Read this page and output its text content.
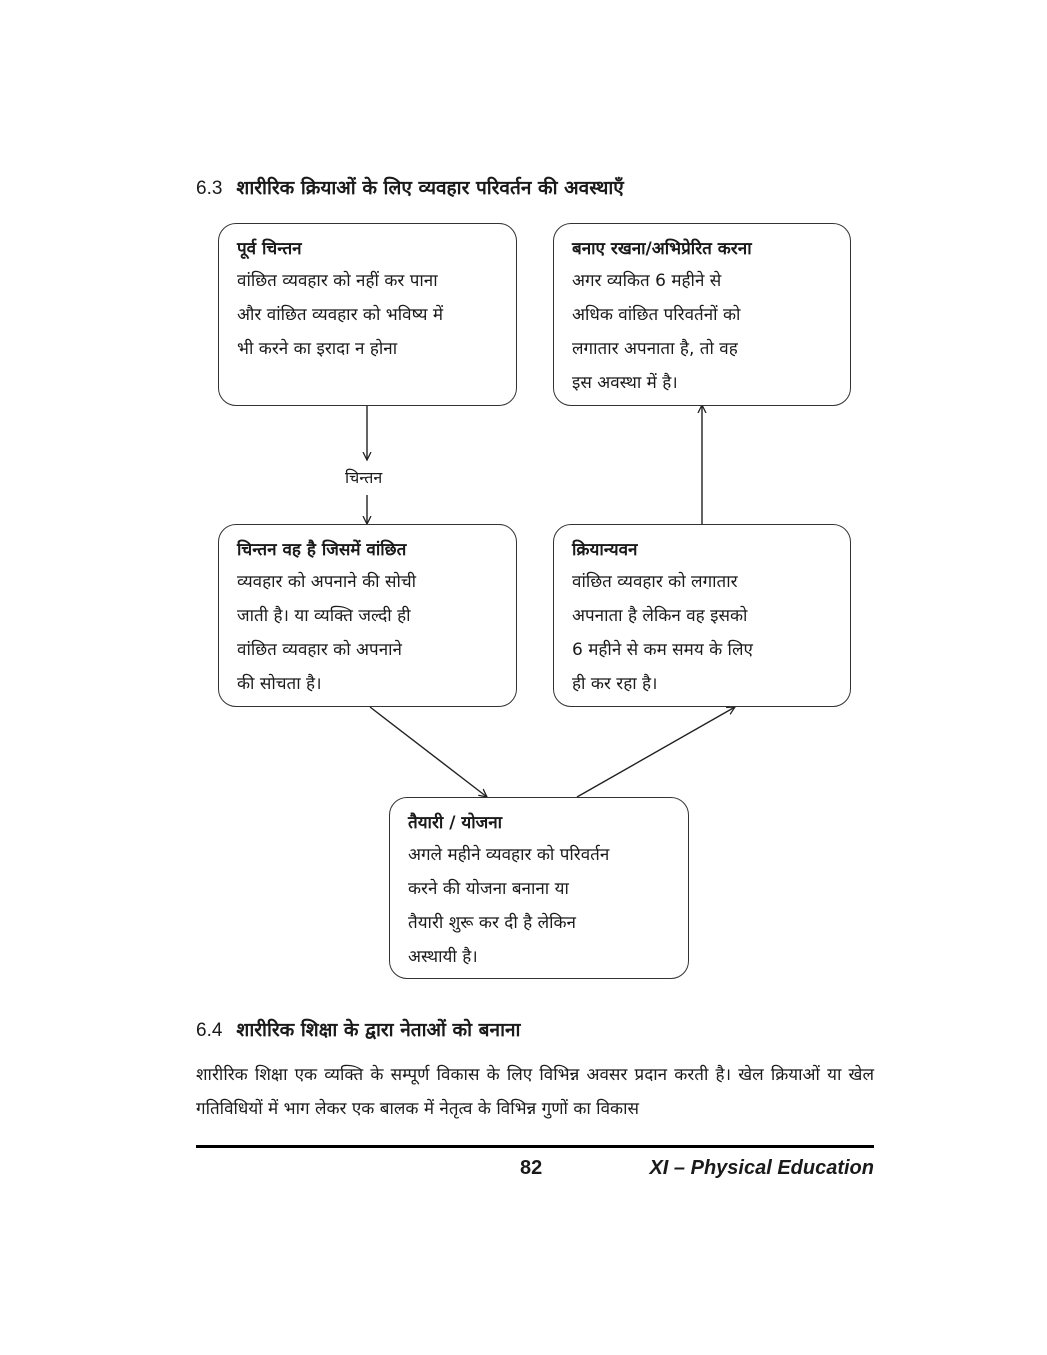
6.3 शारीरिक क्रियाओं के लिए व्यवहार परिवर्तन की अवस्थाएँ
पूर्व चिन्तन
वांछित व्यवहार को नहीं कर पाना
और वांछित व्यवहार को भविष्य में
भी करने का इरादा न होना
चिन्तन
चिन्तन वह है जिसमें वांछित
व्यवहार को अपनाने की सोची
जाती है। या व्यक्ति जल्दी ही
वांछित व्यवहार को अपनाने
की सोचता है।
तैयारी / योजना
अगले महीने व्यवहार को परिवर्तन
करने की योजना बनाना या
तैयारी शुरू कर दी है लेकिन
अस्थायी है।
क्रियान्यवन
वांछित व्यवहार को लगातार
अपनाता है लेकिन वह इसको
6 महीने से कम समय के लिए
ही कर रहा है।
बनाए रखना/अभिप्रेरित करना
अगर व्यकित 6 महीने से
अधिक वांछित परिवर्तनों को
लगातार अपनाता है, तो वह
इस अवस्था में है।
6.4 शारीरिक शिक्षा के द्वारा नेताओं को बनाना
शारीरिक शिक्षा एक व्यक्ति के सम्पूर्ण विकास के लिए विभिन्न अवसर प्रदान करती है। खेल क्रियाओं या खेल गतिविधियों में भाग लेकर एक बालक में नेतृत्व के विभिन्न गुणों का विकास
82	XI – Physical Education
